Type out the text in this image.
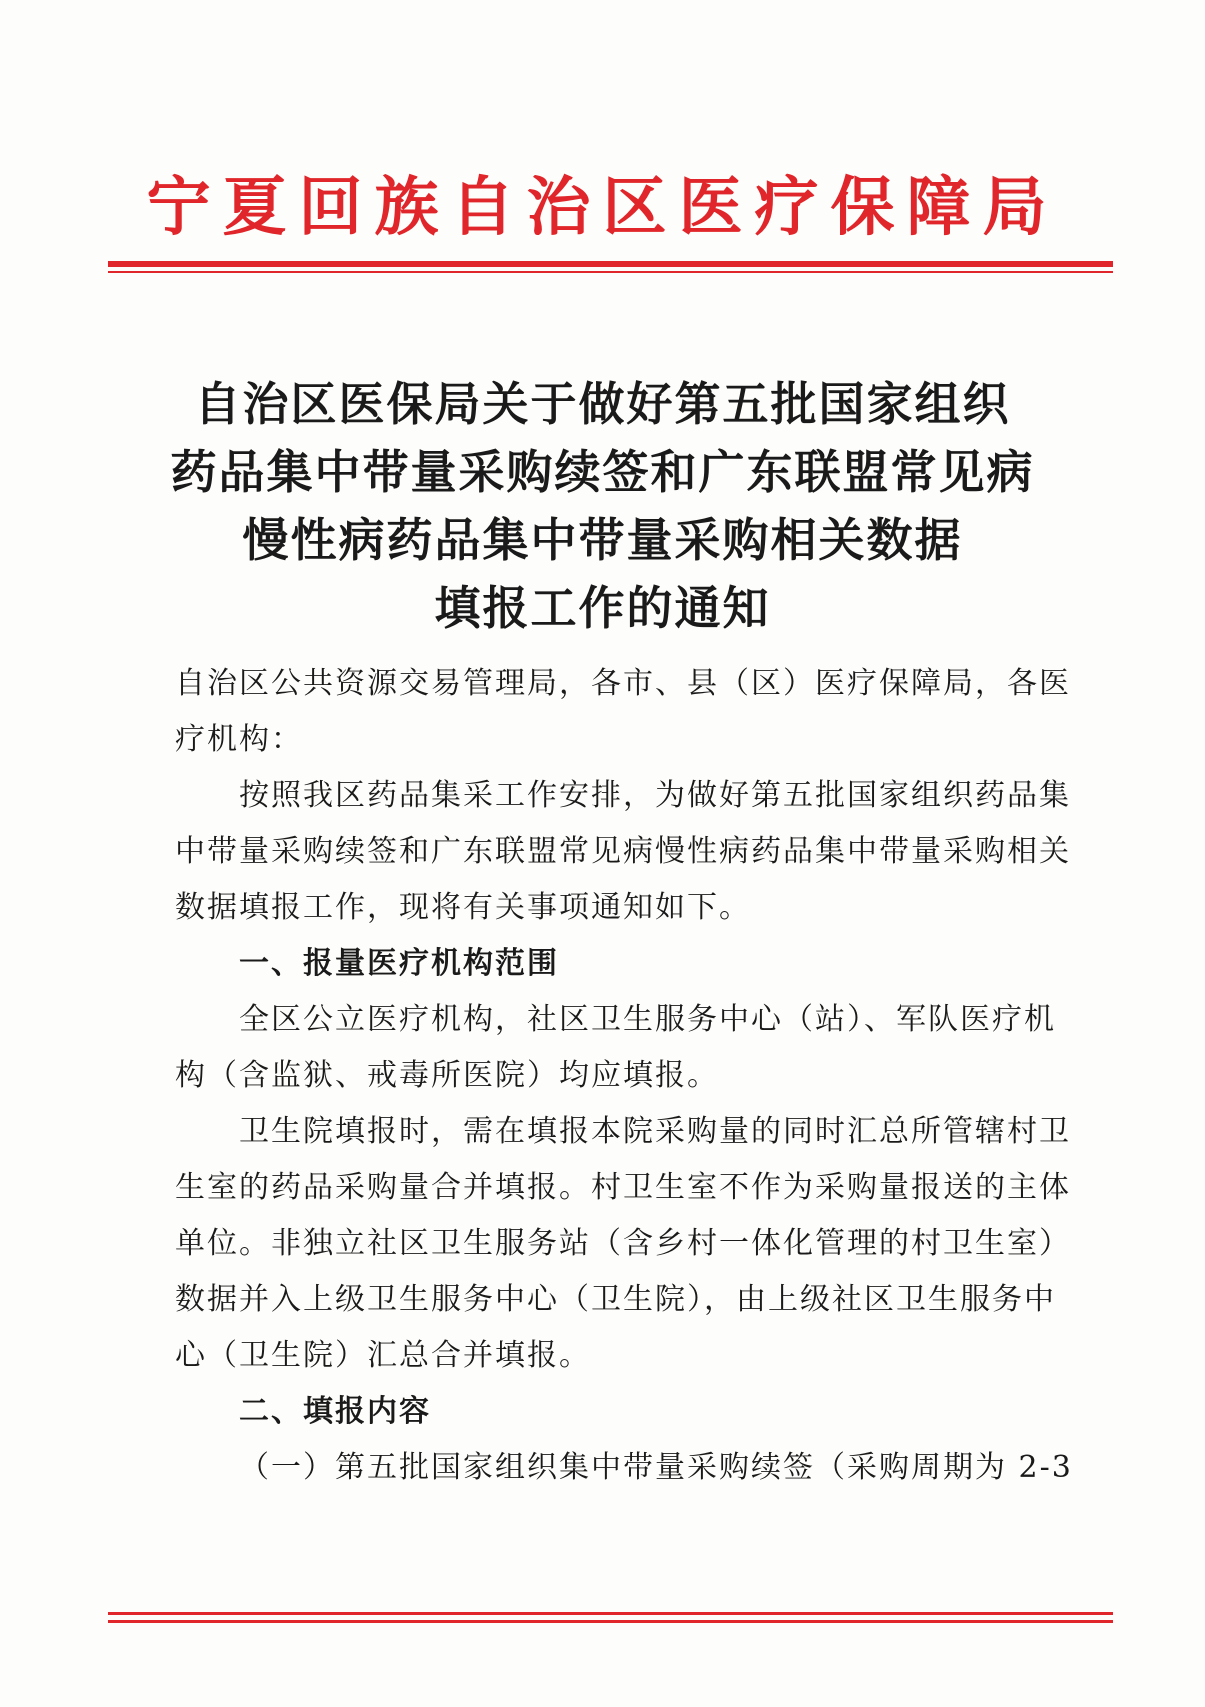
宁夏回族自治区医疗保障局
自治区医保局关于做好第五批国家组织
药品集中带量采购续签和广东联盟常见病
慢性病药品集中带量采购相关数据
填报工作的通知

自治区公共资源交易管理局，各市、县（区）医疗保障局，各医疗机构：

按照我区药品集采工作安排，为做好第五批国家组织药品集中带量采购续签和广东联盟常见病慢性病药品集中带量采购相关数据填报工作，现将有关事项通知如下。

一、报量医疗机构范围

全区公立医疗机构，社区卫生服务中心（站）、军队医疗机构（含监狱、戒毒所医院）均应填报。

卫生院填报时，需在填报本院采购量的同时汇总所管辖村卫生室的药品采购量合并填报。村卫生室不作为采购量报送的主体单位。非独立社区卫生服务站（含乡村一体化管理的村卫生室）数据并入上级卫生服务中心（卫生院），由上级社区卫生服务中心（卫生院）汇总合并填报。

二、填报内容

（一）第五批国家组织集中带量采购续签（采购周期为 2-3
